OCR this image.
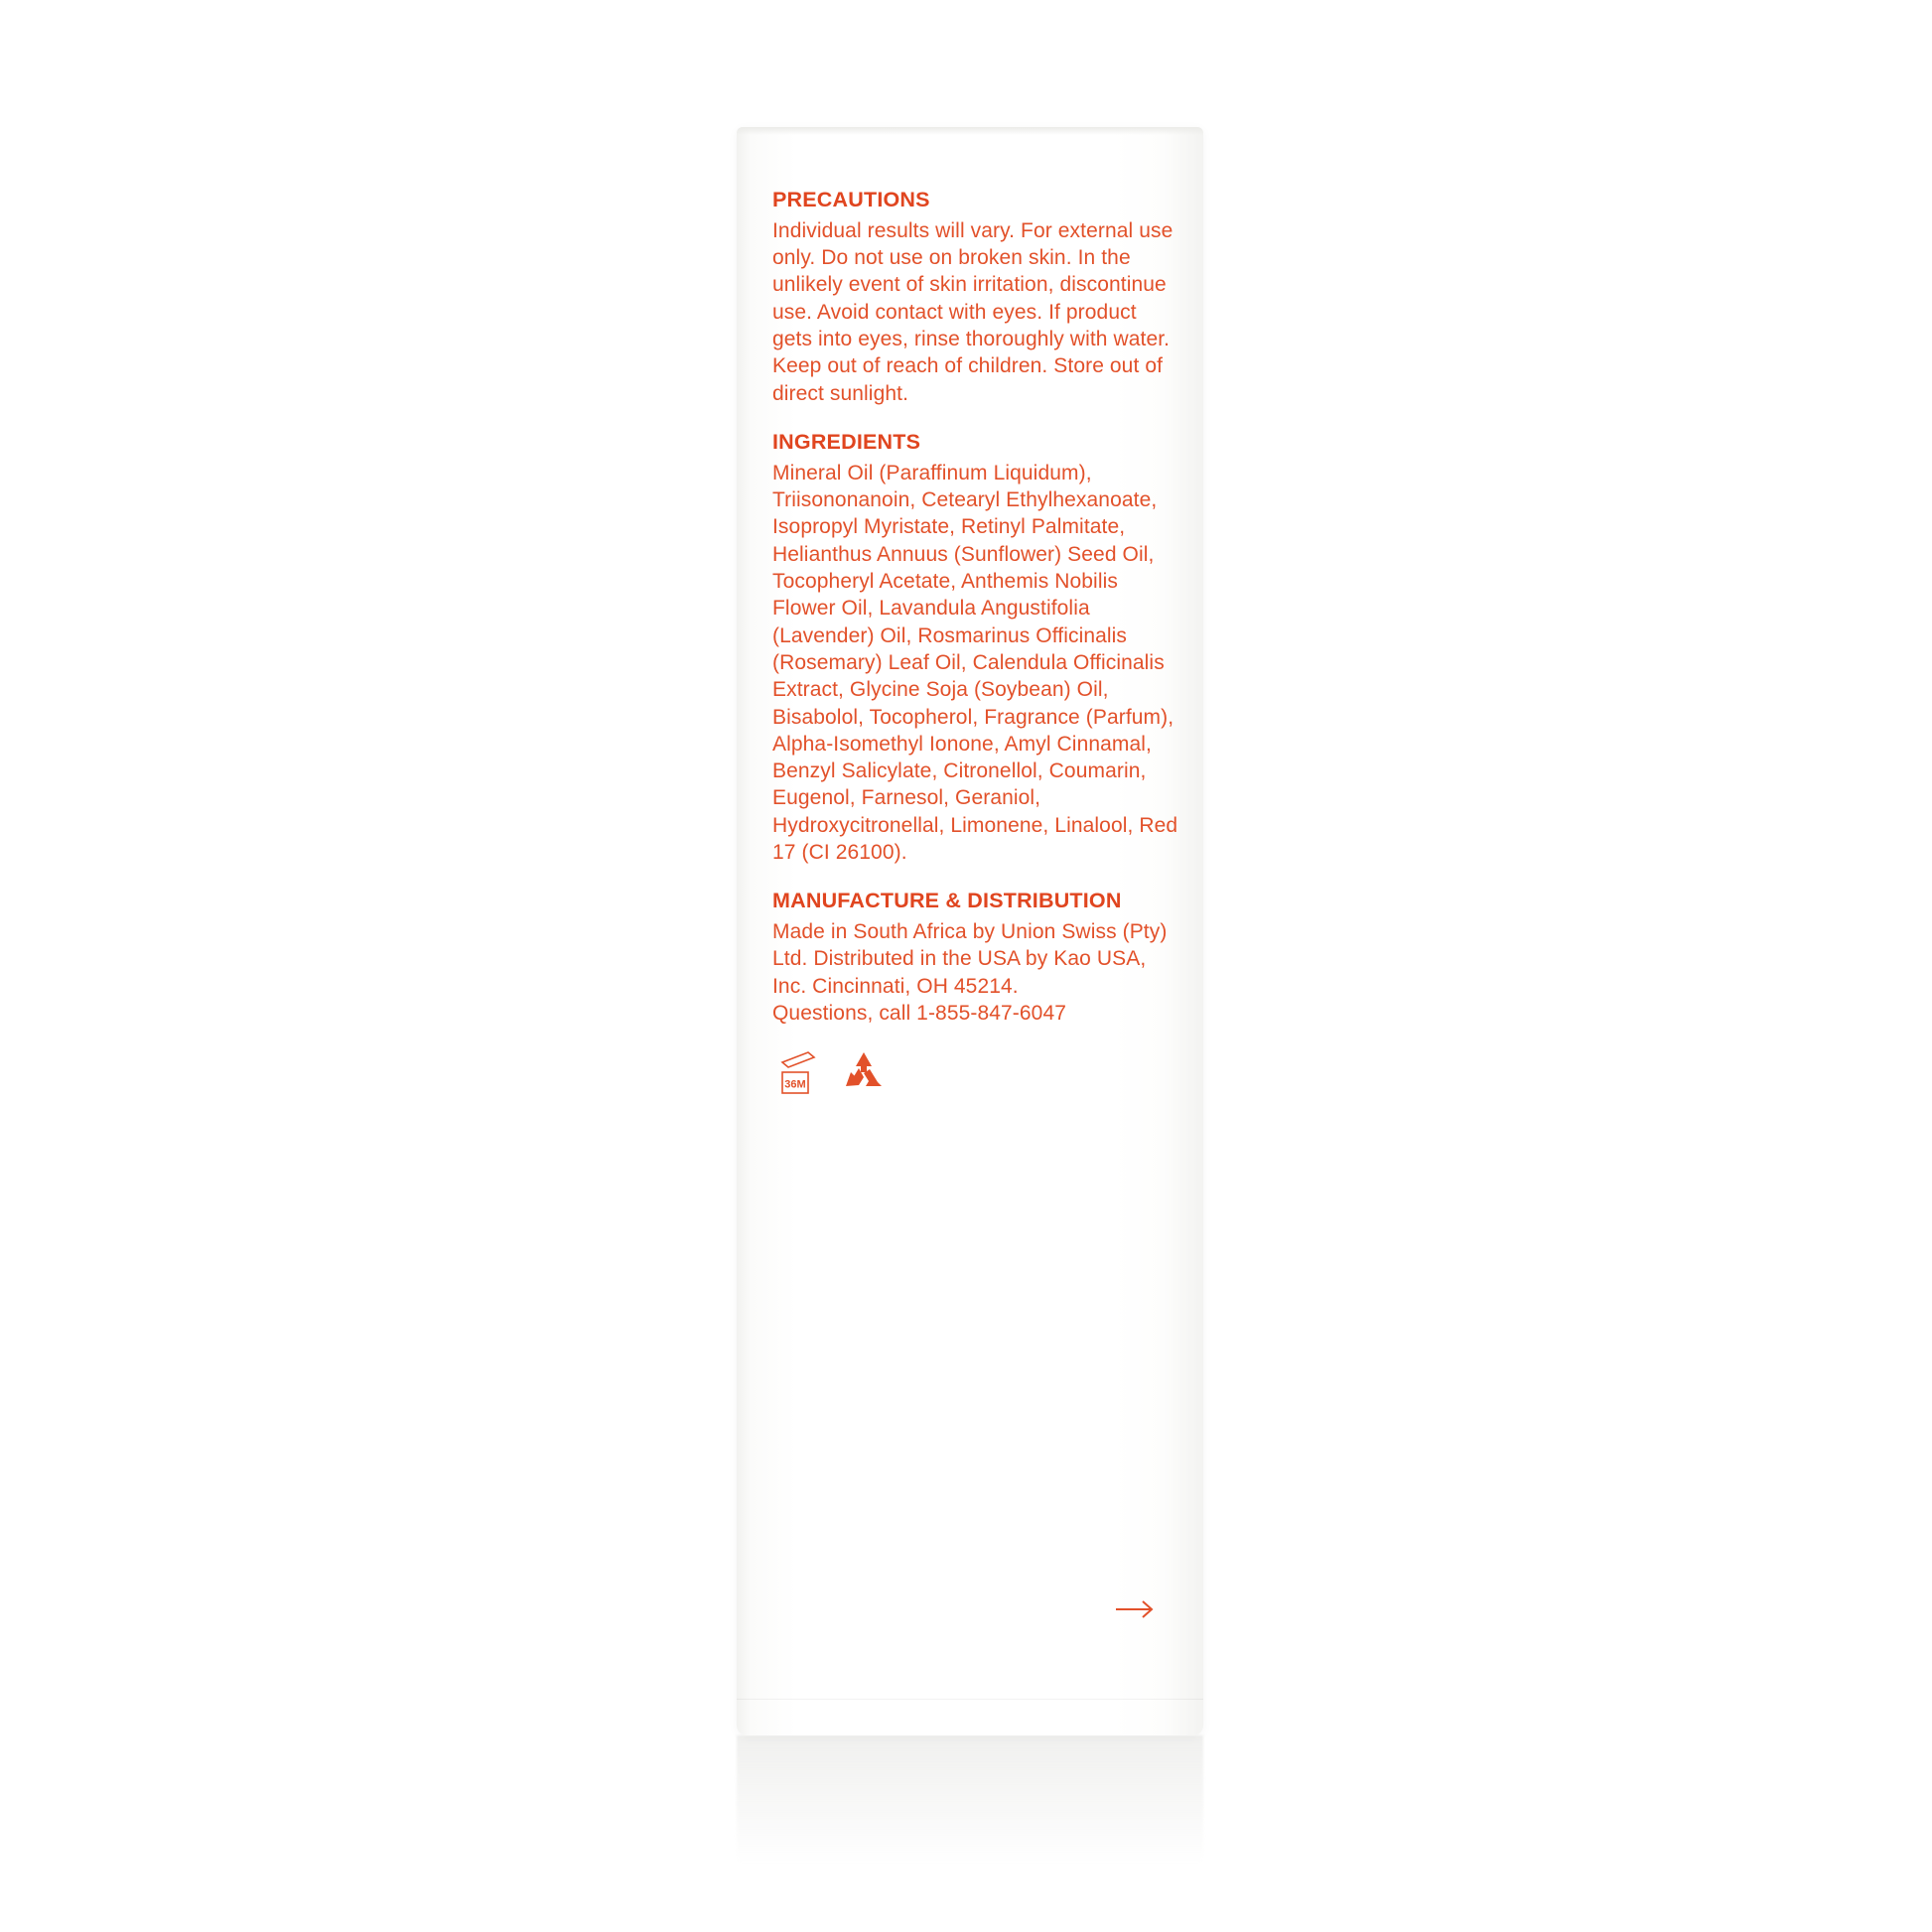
PRECAUTIONS

Individual results will vary. For external use only. Do not use on broken skin. In the unlikely event of skin irritation, discontinue use. Avoid contact with eyes. If product gets into eyes, rinse thoroughly with water. Keep out of reach of children. Store out of direct sunlight.

INGREDIENTS

Mineral Oil (Paraffinum Liquidum), Triisononanoin, Cetearyl Ethylhexanoate, Isopropyl Myristate, Retinyl Palmitate, Helianthus Annuus (Sunflower) Seed Oil, Tocopheryl Acetate, Anthemis Nobilis Flower Oil, Lavandula Angustifolia (Lavender) Oil, Rosmarinus Officinalis (Rosemary) Leaf Oil, Calendula Officinalis Extract, Glycine Soja (Soybean) Oil, Bisabolol, Tocopherol, Fragrance (Parfum), Alpha-Isomethyl Ionone, Amyl Cinnamal, Benzyl Salicylate, Citronellol, Coumarin, Eugenol, Farnesol, Geraniol, Hydroxycitronellal, Limonene, Linalool, Red 17 (CI 26100).

MANUFACTURE & DISTRIBUTION

Made in South Africa by Union Swiss (Pty) Ltd. Distributed in the USA by Kao USA, Inc. Cincinnati, OH 45214.

Questions, call 1-855-847-6047

36M
